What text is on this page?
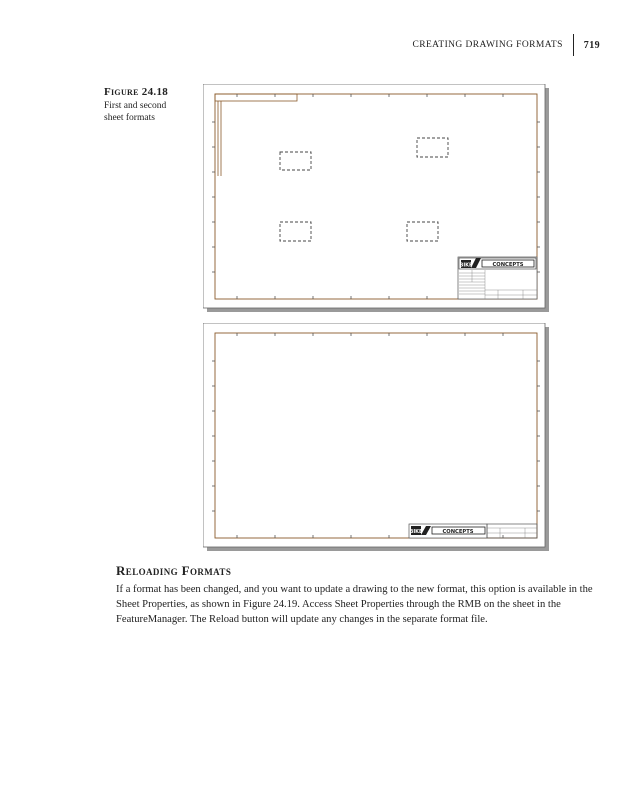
CREATING DRAWING FORMATS 719
Figure 24.18
First and second
sheet formats
BIKE	CONCEPTS
BIKE	CONCEPTS
Reloading Formats

If a format has been changed, and you want to update a drawing to the new format, this option is available in the Sheet Properties, as shown in Figure 24.19. Access Sheet Properties through the RMB on the sheet in the FeatureManager. The Reload button will update any changes in the separate format file.
